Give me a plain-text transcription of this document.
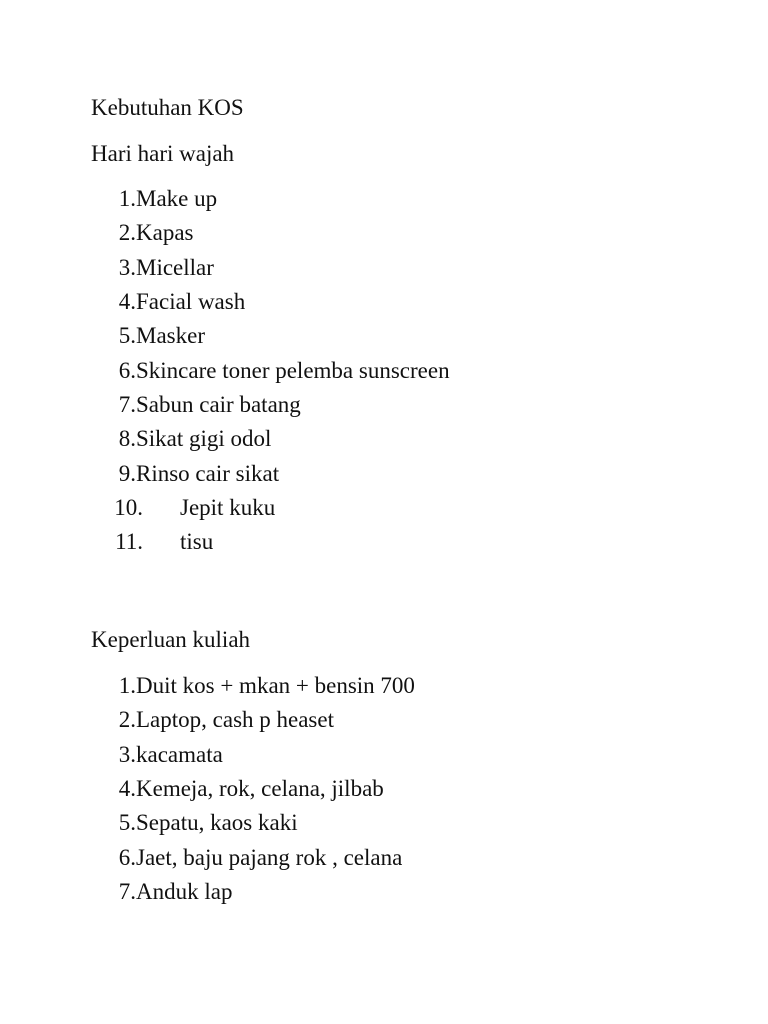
Kebutuhan KOS

Hari hari wajah

1. Make up
2. Kapas
3. Micellar
4. Facial wash
5. Masker
6. Skincare toner pelemba sunscreen
7. Sabun cair batang
8. Sikat gigi odol
9. Rinso cair sikat
10. Jepit kuku
11. tisu

Keperluan kuliah

1. Duit kos + mkan + bensin 700
2. Laptop, cash p heaset
3. kacamata
4. Kemeja, rok, celana, jilbab
5. Sepatu, kaos kaki
6. Jaet, baju pajang rok , celana
7. Anduk lap
